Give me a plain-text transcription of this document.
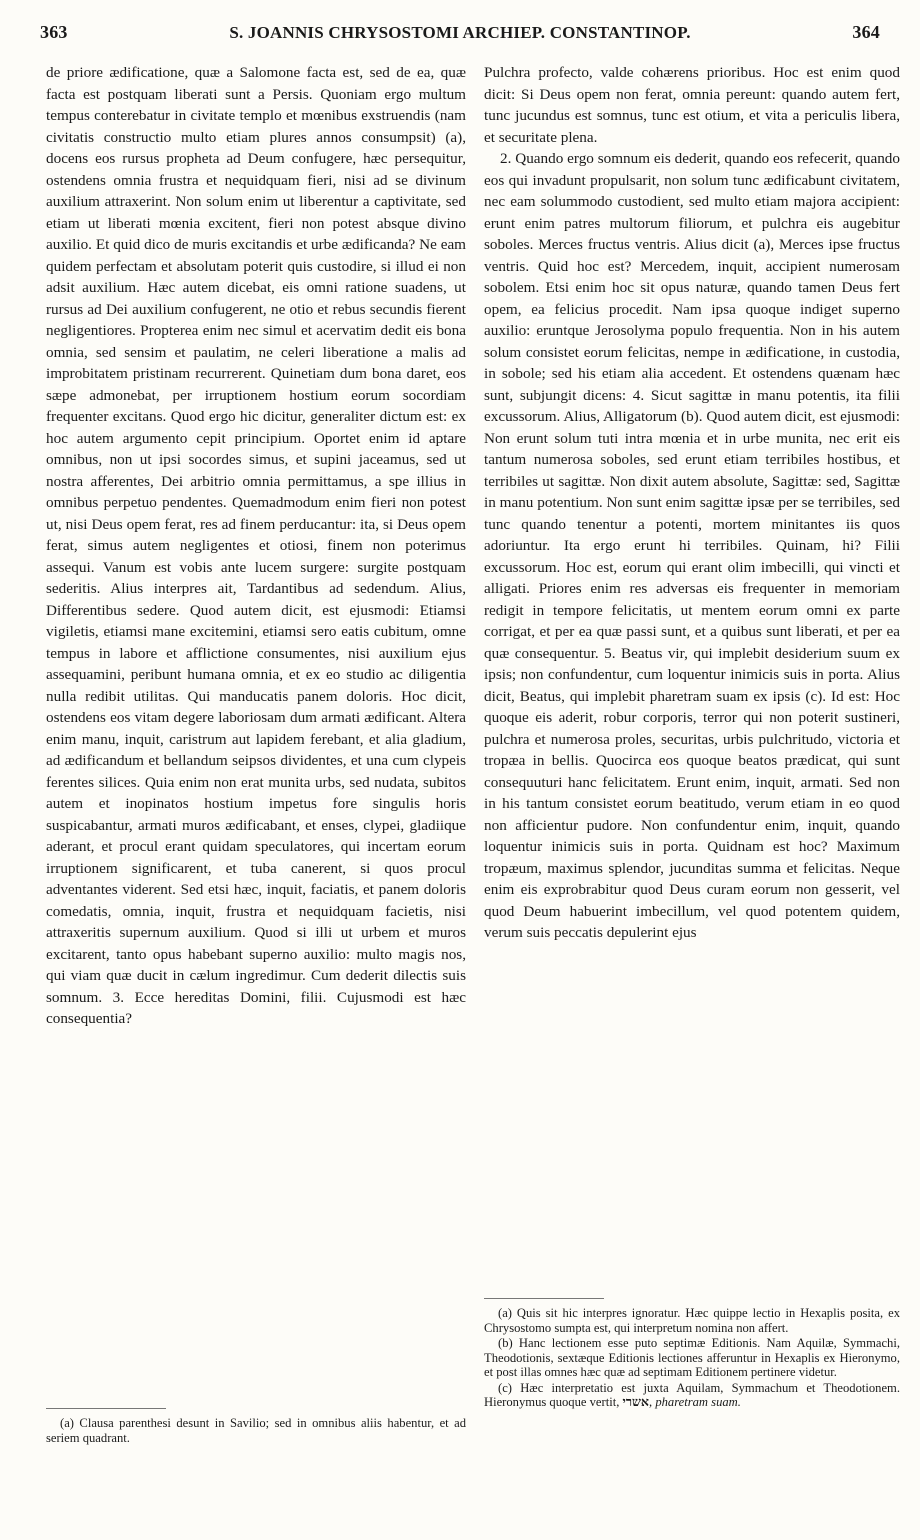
363	S. JOANNIS CHRYSOSTOMI ARCHIEP. CONSTANTINOP.	364

de priore ædificatione, quæ a Salomone facta est, sed de ea, quæ facta est postquam liberati sunt a Persis. Quoniam ergo multum tempus conterebatur in civitate templo et mœnibus exstruendis (nam civitatis constructio multo etiam plures annos consumpsit) (a), docens eos rursus propheta ad Deum confugere, hæc persequitur, ostendens omnia frustra et nequidquam fieri, nisi ad se divinum auxilium attraxerint. Non solum enim ut liberentur a captivitate, sed etiam ut liberati mœnia excitent, fieri non potest absque divino auxilio. Et quid dico de muris excitandis et urbe ædificanda? Ne eam quidem perfectam et absolutam poterit quis custodire, si illud ei non adsit auxilium. Hæc autem dicebat, eis omni ratione suadens, ut rursus ad Dei auxilium confugerent, ne otio et rebus secundis fierent negligentiores. Propterea enim nec simul et acervatim dedit eis bona omnia, sed sensim et paulatim, ne celeri liberatione a malis ad improbitatem pristinam recurrerent. Quinetiam dum bona daret, eos sæpe admonebat, per irruptionem hostium eorum socordiam frequenter excitans. Quod ergo hic dicitur, generaliter dictum est: ex hoc autem argumento cepit principium. Oportet enim id aptare omnibus, non ut ipsi socordes simus, et supini jaceamus, sed ut nostra afferentes, Dei arbitrio omnia permittamus, a spe illius in omnibus perpetuo pendentes. Quemadmodum enim fieri non potest ut, nisi Deus opem ferat, res ad finem perducantur: ita, si Deus opem ferat, simus autem negligentes et otiosi, finem non poterimus assequi. Vanum est vobis ante lucem surgere: surgite postquam sederitis. Alius interpres ait, Tardantibus ad sedendum. Alius, Differentibus sedere. Quod autem dicit, est ejusmodi: Etiamsi vigiletis, etiamsi mane excitemini, etiamsi sero eatis cubitum, omne tempus in labore et afflictione consumentes, nisi auxilium ejus assequamini, peribunt humana omnia, et ex eo studio ac diligentia nulla redibit utilitas. Qui manducatis panem doloris. Hoc dicit, ostendens eos vitam degere laboriosam dum armati ædificant. Altera enim manu, inquit, caristrum aut lapidem ferebant, et alia gladium, ad ædificandum et bellandum seipsos dividentes, et una cum clypeis ferentes silices. Quia enim non erat munita urbs, sed nudata, subitos autem et inopinatos hostium impetus fore singulis horis suspicabantur, armati muros ædificabant, et enses, clypei, gladiique aderant, et procul erant quidam speculatores, qui incertam eorum irruptionem significarent, et tuba canerent, si quos procul adventantes viderent. Sed etsi hæc, inquit, faciatis, et panem doloris comedatis, omnia, inquit, frustra et nequidquam facietis, nisi attraxeritis supernum auxilium. Quod si illi ut urbem et muros excitarent, tanto opus habebant superno auxilio: multo magis nos, qui viam quæ ducit in cælum ingredimur. Cum dederit dilectis suis somnum. 3. Ecce hereditas Domini, filii. Cujusmodi est hæc consequentia?

(a) Clausa parenthesi desunt in Savilio; sed in omnibus aliis habentur, et ad seriem quadrant.

Pulchra profecto, valde cohærens prioribus. Hoc est enim quod dicit: Si Deus opem non ferat, omnia pereunt: quando autem fert, tunc jucundus est somnus, tunc est otium, et vita a periculis libera, et securitate plena.

2. Quando ergo somnum eis dederit, quando eos refecerit, quando eos qui invadunt propulsarit, non solum tunc ædificabunt civitatem, nec eam solummodo custodient, sed multo etiam majora accipient: erunt enim patres multorum filiorum, et pulchra eis augebitur soboles. Merces fructus ventris. Alius dicit (a), Merces ipse fructus ventris. Quid hoc est? Mercedem, inquit, accipient numerosam sobolem. Etsi enim hoc sit opus naturæ, quando tamen Deus fert opem, ea felicius procedit. Nam ipsa quoque indiget superno auxilio: eruntque Jerosolyma populo frequentia. Non in his autem solum consistet eorum felicitas, nempe in ædificatione, in custodia, in sobole; sed his etiam alia accedent. Et ostendens quænam hæc sunt, subjungit dicens: 4. Sicut sagittæ in manu potentis, ita filii excussorum. Alius, Alligatorum (b). Quod autem dicit, est ejusmodi: Non erunt solum tuti intra mœnia et in urbe munita, nec erit eis tantum numerosa soboles, sed erunt etiam terribiles hostibus, et terribiles ut sagittæ. Non dixit autem absolute, Sagittæ: sed, Sagittæ in manu potentium. Non sunt enim sagittæ ipsæ per se terribiles, sed tunc quando tenentur a potenti, mortem minitantes iis quos adoriuntur. Ita ergo erunt hi terribiles. Quinam, hi? Filii excussorum. Hoc est, eorum qui erant olim imbecilli, qui vincti et alligati. Priores enim res adversas eis frequenter in memoriam redigit in tempore felicitatis, ut mentem eorum omni ex parte corrigat, et per ea quæ passi sunt, et a quibus sunt liberati, et per ea quæ consequentur. 5. Beatus vir, qui implebit desiderium suum ex ipsis; non confundentur, cum loquentur inimicis suis in porta. Alius dicit, Beatus, qui implebit pharetram suam ex ipsis (c). Id est: Hoc quoque eis aderit, robur corporis, terror qui non poterit sustineri, pulchra et numerosa proles, securitas, urbis pulchritudo, victoria et tropæa in bellis. Quocirca eos quoque beatos prædicat, qui sunt consequuturi hanc felicitatem. Erunt enim, inquit, armati. Sed non in his tantum consistet eorum beatitudo, verum etiam in eo quod non afficientur pudore. Non confundentur enim, inquit, quando loquentur inimicis suis in porta. Quidnam est hoc? Maximum tropæum, maximus splendor, jucunditas summa et felicitas. Neque enim eis exprobrabitur quod Deus curam eorum non gesserit, vel quod Deum habuerint imbecillum, vel quod potentem quidem, verum suis peccatis depulerint ejus

(a) Quis sit hic interpres ignoratur. Hæc quippe lectio in Hexaplis posita, ex Chrysostomo sumpta est, qui interpretum nomina non affert.

(b) Hanc lectionem esse puto septimæ Editionis. Nam Aquilæ, Symmachi, Theodotionis, sextæque Editionis lectiones afferuntur in Hexaplis ex Hieronymo, et post illas omnes hæc quæ ad septimam Editionem pertinere videtur.

(c) Hæc interpretatio est juxta Aquilam, Symmachum et Theodotionem. Hieronymus quoque vertit, אשרי, pharetram suam.
